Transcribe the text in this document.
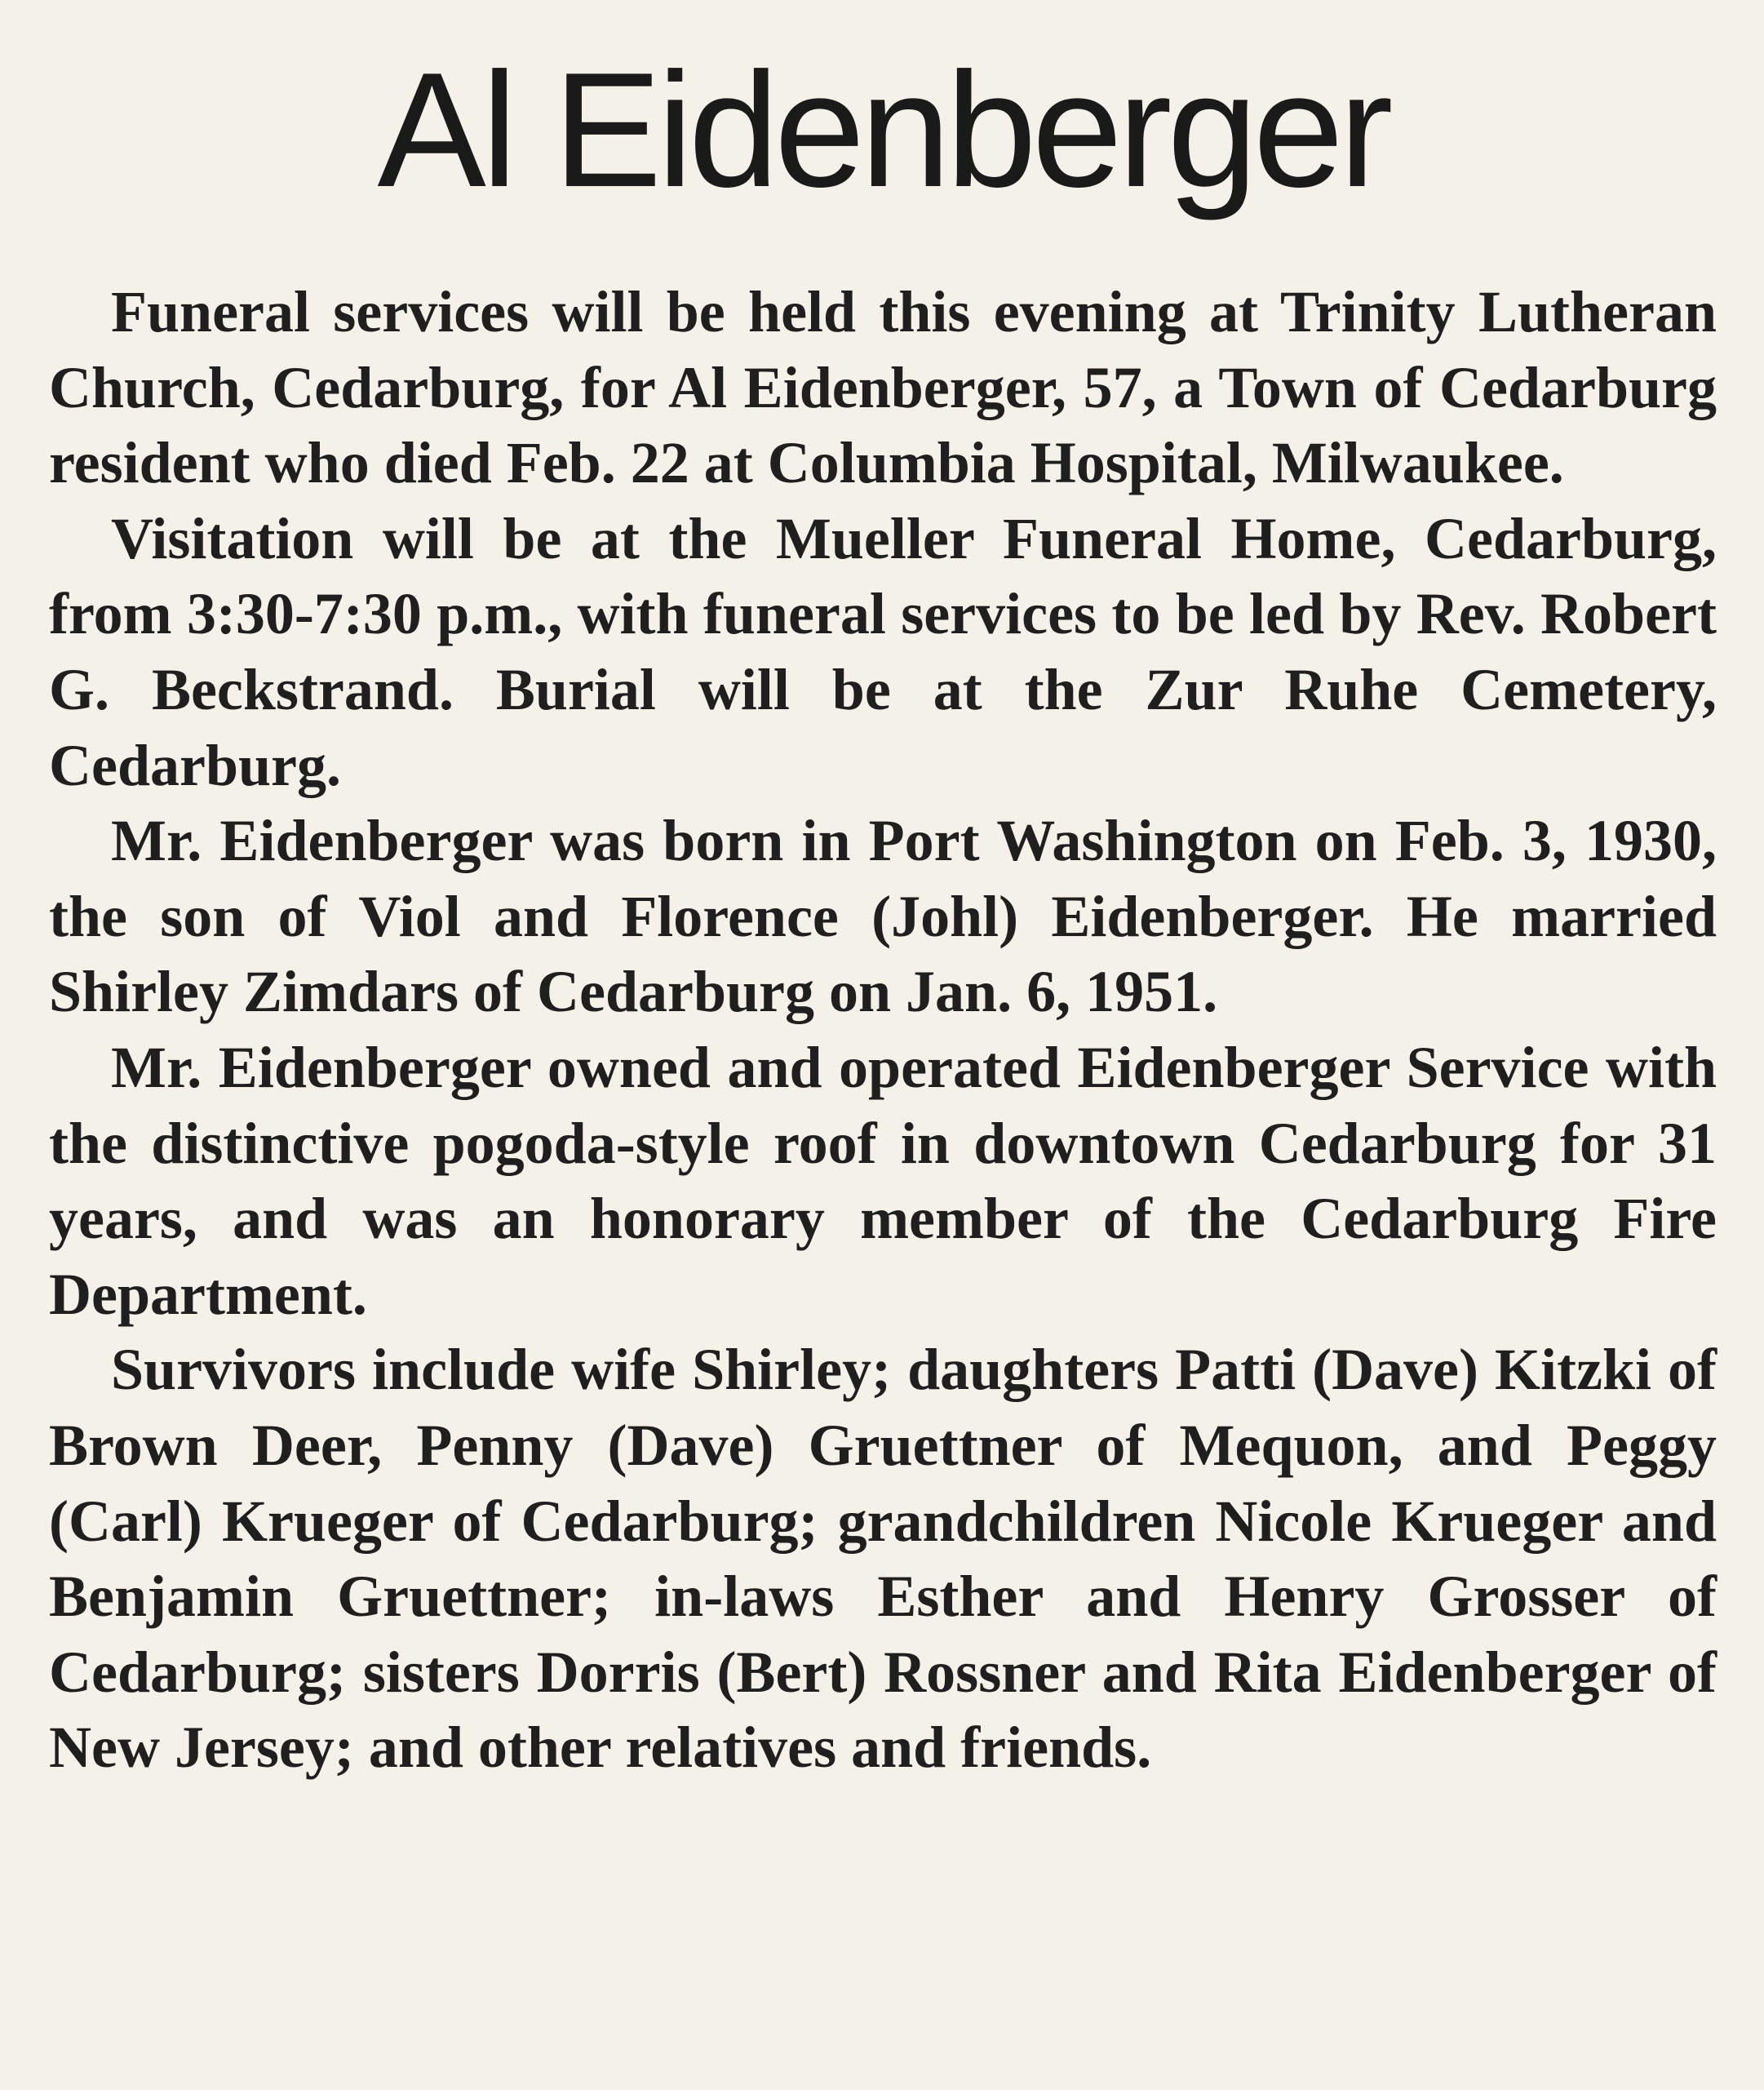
Al Eidenberger

Funeral services will be held this evening at Trinity Lutheran Church, Cedarburg, for Al Eidenberger, 57, a Town of Cedarburg resident who died Feb. 22 at Columbia Hospital, Milwaukee.

Visitation will be at the Mueller Funeral Home, Cedarburg, from 3:30-7:30 p.m., with funeral services to be led by Rev. Robert G. Beckstrand. Burial will be at the Zur Ruhe Cemetery, Cedarburg.

Mr. Eidenberger was born in Port Washington on Feb. 3, 1930, the son of Viol and Florence (Johl) Eidenberger. He married Shirley Zimdars of Cedarburg on Jan. 6, 1951.

Mr. Eidenberger owned and operated Eidenberger Service with the distinctive pogoda-style roof in downtown Cedarburg for 31 years, and was an honorary member of the Cedarburg Fire Department.

Survivors include wife Shirley; daughters Patti (Dave) Kitzki of Brown Deer, Penny (Dave) Gruettner of Mequon, and Peggy (Carl) Krueger of Cedarburg; grandchildren Nicole Krueger and Benjamin Gruettner; in-laws Esther and Henry Grosser of Cedarburg; sisters Dorris (Bert) Rossner and Rita Eidenberger of New Jersey; and other relatives and friends.
